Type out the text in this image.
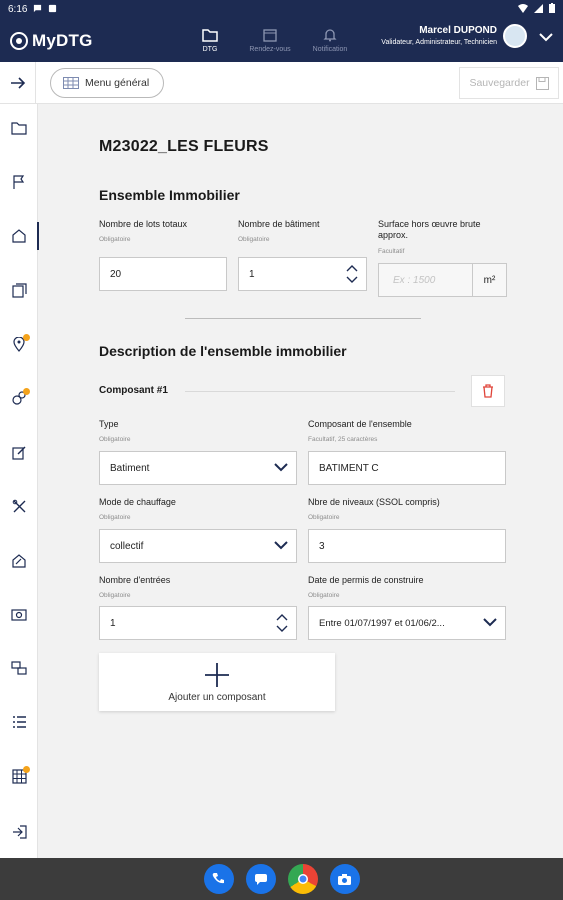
6:16
MyDTG	DTG	Rendez-vous	Notification
Marcel DUPOND
Validateur, Administrateur, Technicien
Menu général	Sauvegarder
M23022_LES FLEURS
Ensemble Immobilier
Nombre de lots totaux
Obligatoire
20
Nombre de bâtiment
Obligatoire
1
Surface hors œuvre brute approx.
Facultatif
Ex : 1500	m²
Description de l'ensemble immobilier
Composant #1
Type
Obligatoire
Batiment
Composant de l'ensemble
Facultatif, 25 caractères
BATIMENT C
Mode de chauffage
Obligatoire
collectif
Nbre de niveaux (SSOL compris)
Obligatoire
3
Nombre d'entrées
Obligatoire
1
Date de permis de construire
Obligatoire
Entre 01/07/1997 et 01/06/2...
Ajouter un composant
